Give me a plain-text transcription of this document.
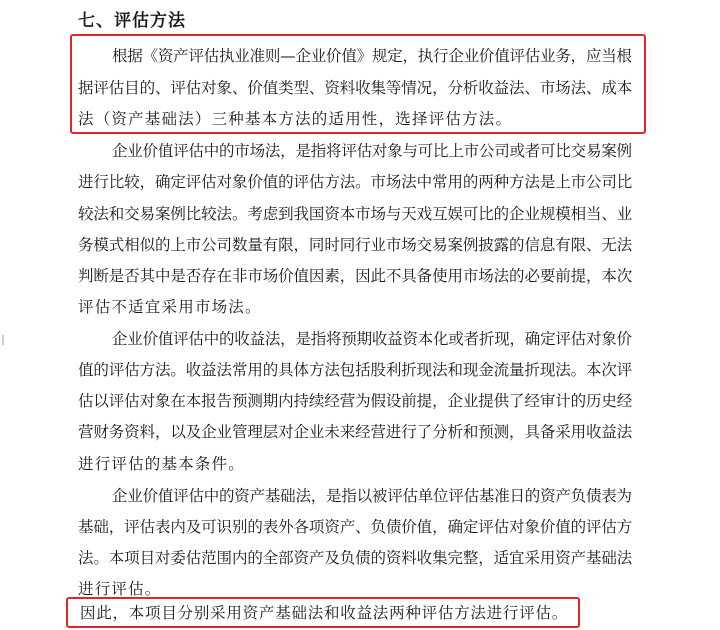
七、评估方法
根据《资产评估执业准则—企业价值》规定，执行企业价值评估业务，应当根
据评估目的、评估对象、价值类型、资料收集等情况，分析收益法、市场法、成本
法（资产基础法）三种基本方法的适用性，选择评估方法。
企业价值评估中的市场法，是指将评估对象与可比上市公司或者可比交易案例
进行比较，确定评估对象价值的评估方法。市场法中常用的两种方法是上市公司比
较法和交易案例比较法。考虑到我国资本市场与天戏互娱可比的企业规模相当、业
务模式相似的上市公司数量有限，同时同行业市场交易案例披露的信息有限、无法
判断是否其中是否存在非市场价值因素，因此不具备使用市场法的必要前提，本次
评估不适宜采用市场法。
企业价值评估中的收益法，是指将预期收益资本化或者折现，确定评估对象价
值的评估方法。收益法常用的具体方法包括股利折现法和现金流量折现法。本次评
估以评估对象在本报告预测期内持续经营为假设前提，企业提供了经审计的历史经
营财务资料，以及企业管理层对企业未来经营进行了分析和预测，具备采用收益法
进行评估的基本条件。
企业价值评估中的资产基础法，是指以被评估单位评估基准日的资产负债表为
基础，评估表内及可识别的表外各项资产、负债价值，确定评估对象价值的评估方
法。本项目对委估范围内的全部资产及负债的资料收集完整，适宜采用资产基础法
进行评估。
因此，本项目分别采用资产基础法和收益法两种评估方法进行评估。
